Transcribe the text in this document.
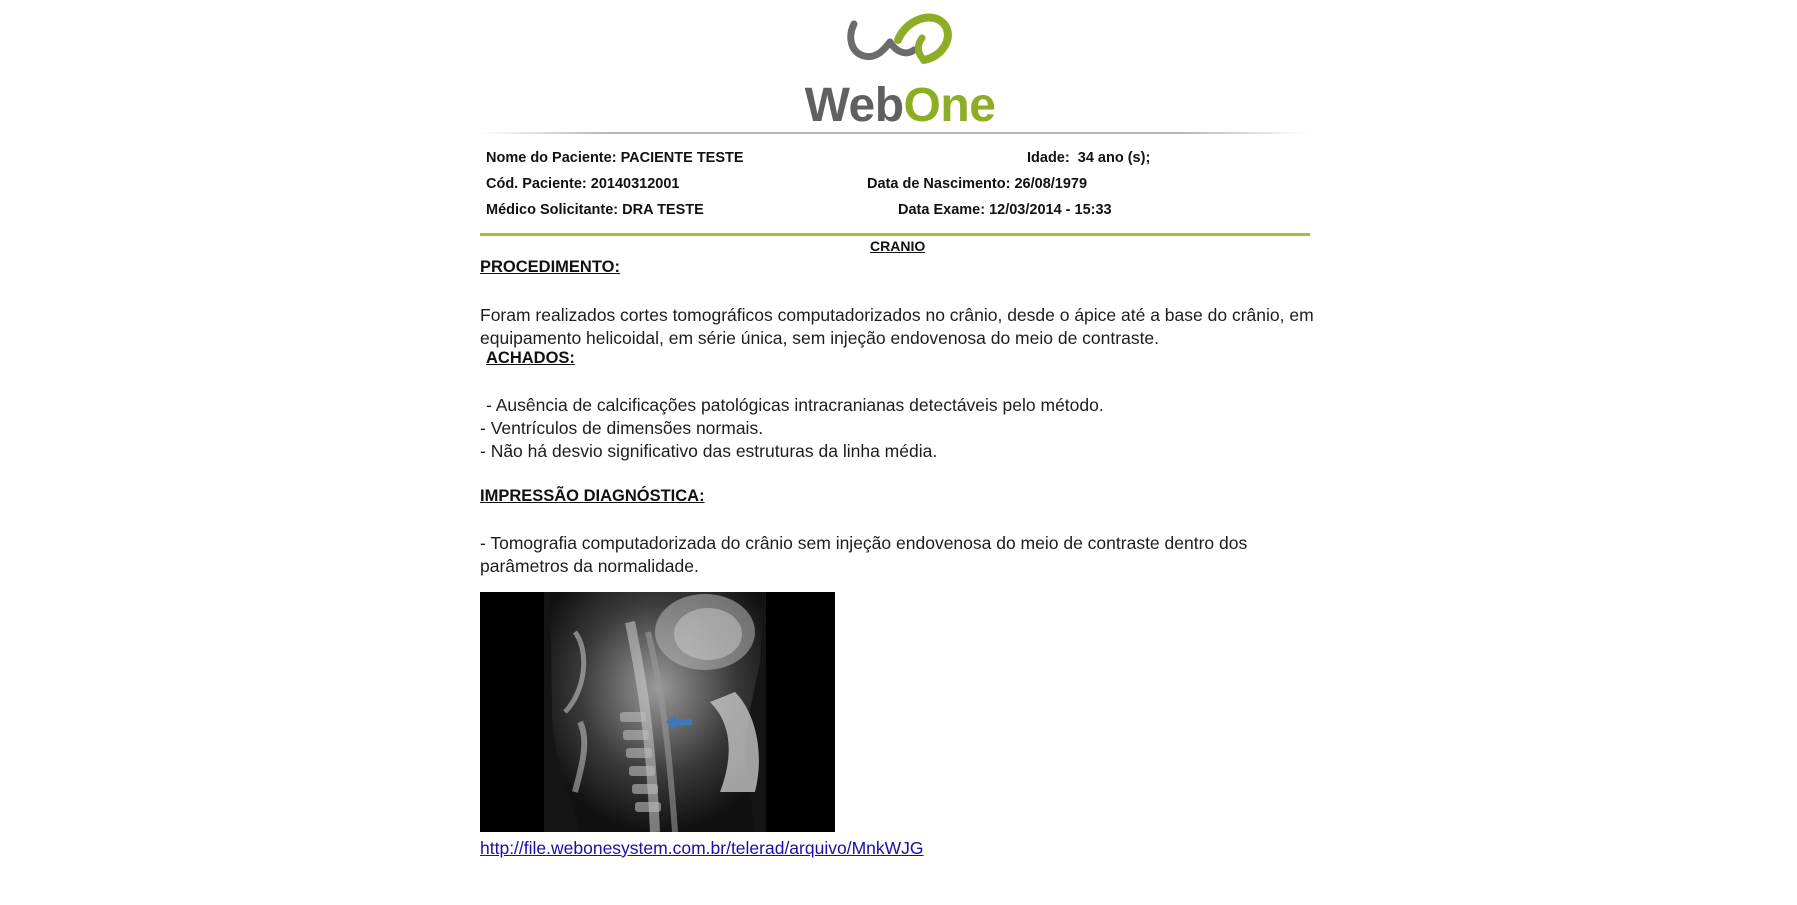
WebOne
Nome do Paciente: PACIENTE TESTE	Idade: 34 ano (s);
Cód. Paciente: 20140312001	Data de Nascimento: 26/08/1979
Médico Solicitante: DRA TESTE	Data Exame: 12/03/2014 - 15:33
CRANIO
PROCEDIMENTO:
Foram realizados cortes tomográficos computadorizados no crânio, desde o ápice até a base do crânio, em equipamento helicoidal, em série única, sem injeção endovenosa do meio de contraste.
ACHADOS:
- Ausência de calcificações patológicas intracranianas detectáveis pelo método.
- Ventrículos de dimensões normais.
- Não há desvio significativo das estruturas da linha média.
IMPRESSÃO DIAGNÓSTICA:
- Tomografia computadorizada do crânio sem injeção endovenosa do meio de contraste dentro dos parâmetros da normalidade.
http://file.webonesystem.com.br/telerad/arquivo/MnkWJG
